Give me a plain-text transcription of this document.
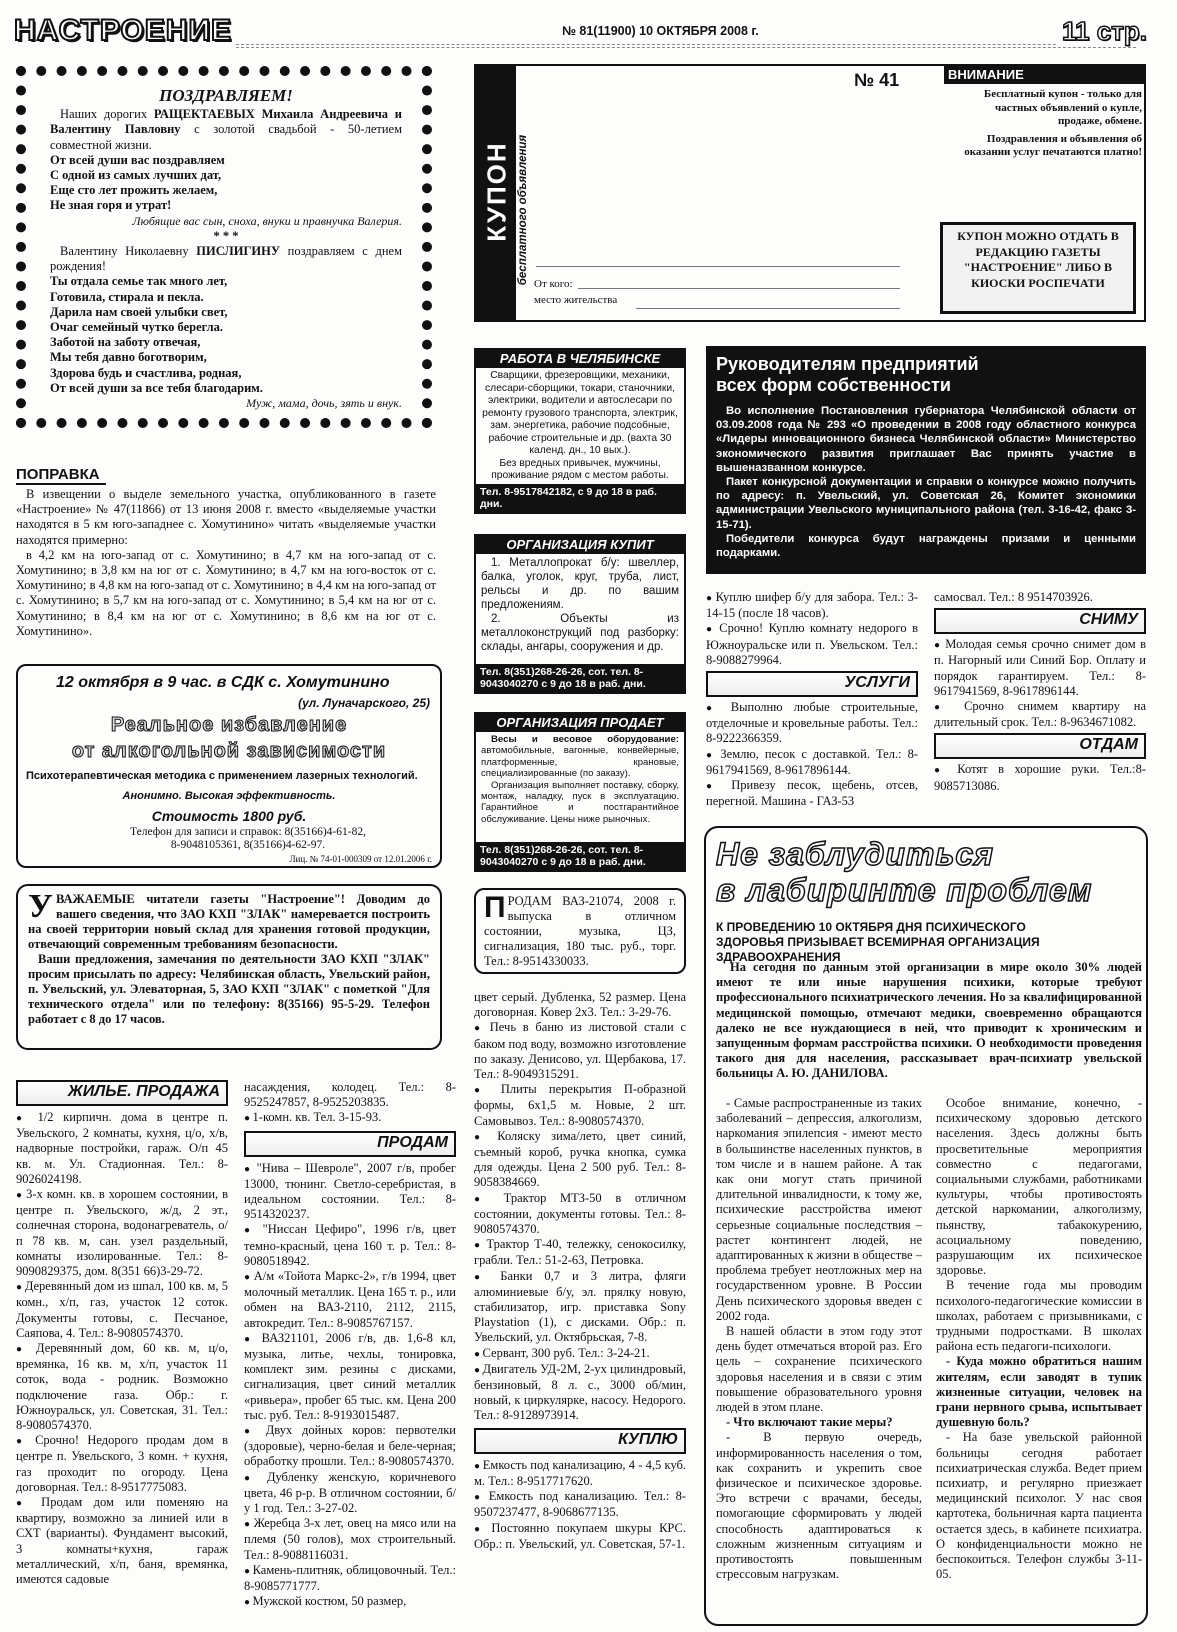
НАСТРОЕНИЕ	№ 81(11900) 10 ОКТЯБРЯ 2008 г.	11 стр.
ПОЗДРАВЛЯЕМ!

Наших дорогих РАЩЕКТАЕВЫХ Михаила Андреевича и Валентину Павловну с золотой свадьбой - 50-летием совместной жизни.

От всей души вас поздравляем
С одной из самых лучших дат,
Еще сто лет прожить желаем,
Не зная горя и утрат!
Любящие вас сын, сноха, внуки и правнучка Валерия.
* * *

Валентину Николаевну ПИСЛИГИНУ поздравляем с днем рождения!

Ты отдала семье так много лет,
Готовила, стирала и пекла.
Дарила нам своей улыбки свет,
Очаг семейный чутко берегла.
Заботой на заботу отвечая,
Мы тебя давно боготворим,
Здорова будь и счастлива, родная,
От всей души за все тебя благодарим.
Муж, мама, дочь, зять и внук.
ПОПРАВКА

В извещении о выделе земельного участка, опубликованного в газете «Настроение» № 47(11866) от 13 июня 2008 г. вместо «выделяемые участки находятся в 5 км юго-западнее с. Хомутинино» читать «выделяемые участки находятся примерно:

в 4,2 км на юго-запад от с. Хомутинино; в 4,7 км на юго-запад от с. Хомутинино; в 3,8 км на юг от с. Хомутинино; в 4,7 км на юго-восток от с. Хомутинино; в 4,8 км на юго-запад от с. Хомутинино; в 4,4 км на юго-запад от с. Хомутинино; в 5,7 км на юго-запад от с. Хомутинино; в 5,4 км на юг от с. Хомутинино; в 8,4 км на юг от с. Хомутинино; в 8,6 км на юг от с. Хомутинино».

12 октября в 9 час. в СДК с. Хомутинино
(ул. Луначарского, 25)
Реальное избавление
от алкогольной зависимости
Психотерапевтическая методика с применением лазерных технологий.
Анонимно. Высокая эффективность.
Стоимость 1800 руб.
Телефон для записи и справок: 8(35166)4-61-82, 8-9048105361, 8(35166)4-62-97.
Лиц. № 74-01-000309 от 12.01.2006 г.
У ВАЖАЕМЫЕ читатели газеты "Настроение"! Доводим до вашего сведения, что ЗАО КХП "ЗЛАК" намеревается построить на своей территории новый склад для хранения готовой продукции, отвечающий современным требованиям безопасности.

Ваши предложения, замечания по деятельности ЗАО КХП "ЗЛАК" просим присылать по адресу: Челябинская область, Увельский район, п. Увельский, ул. Элеваторная, 5, ЗАО КХП "ЗЛАК" с пометкой "Для технического отдела" или по телефону: 8(35166) 95-5-29. Телефон работает с 8 до 17 часов.

КУПОН бесплатного объявления
№ 41
От кого:
место жительства
ВНИМАНИЕ

Бесплатный купон - только для частных объявлений о купле, продаже, обмене.

Поздравления и объявления об оказании услуг печатаются платно!

КУПОН МОЖНО ОТДАТЬ В РЕДАКЦИЮ ГАЗЕТЫ "НАСТРОЕНИЕ" ЛИБО В КИОСКИ РОСПЕЧАТИ
РАБОТА В ЧЕЛЯБИНСКЕ
Сварщики, фрезеровщики, механики, слесари-сборщики, токари, станочники, электрики, водители и автослесари по ремонту грузового транспорта, электрик, зам. энергетика, рабочие подсобные, рабочие строительные и др. (вахта 30 календ. дн., 10 вых.).
Без вредных привычек, мужчины, проживание рядом с местом работы.
Тел. 8-9517842182, с 9 до 18 в раб. дни.
ОРГАНИЗАЦИЯ КУПИТ

1. Металлопрокат б/у: швеллер, балка, уголок, круг, труба, лист, рельсы и др. по вашим предложениям.

2. Объекты из металлоконструкций под разборку: склады, ангары, сооружения и др.

Тел. 8(351)268-26-26, сот. тел. 8-9043040270 с 9 до 18 в раб. дни.
ОРГАНИЗАЦИЯ ПРОДАЕТ

Весы и весовое оборудование: автомобильные, вагонные, конвейерные, платформенные, крановые, специализированные (по заказу).

Организация выполняет поставку, сборку, монтаж, наладку, пуск в эксплуатацию. Гарантийное и постгарантийное обслуживание. Цены ниже рыночных.

Тел. 8(351)268-26-26, сот. тел. 8-9043040270 с 9 до 18 в раб. дни.
П РОДАМ ВАЗ-21074, 2008 г. выпуска в отличном состоянии, музыка, ЦЗ, сигнализация, 180 тыс. руб., торг. Тел.: 8-9514330033.
Руководителям предприятий всех форм собственности

Во исполнение Постановления губернатора Челябинской области от 03.09.2008 года № 293 «О проведении в 2008 году областного конкурса «Лидеры инновационного бизнеса Челябинской области» Министерство экономического развития приглашает Вас принять участие в вышеназванном конкурсе.

Пакет конкурсной документации и справки о конкурсе можно получить по адресу: п. Увельский, ул. Советская 26, Комитет экономики администрации Увельского муниципального района (тел. 3-16-42, факс 3-15-71).

Победители конкурса будут награждены призами и ценными подарками.

● Куплю шифер б/у для забора. Тел.: 3-14-15 (после 18 часов).

● Срочно! Куплю комнату недорого в Южноуральске или п. Увельском. Тел.: 8-9088279964.

УСЛУГИ

● Выполню любые строительные, отделочные и кровельные работы. Тел.: 8-9222366359.

● Землю, песок с доставкой. Тел.: 8-9617941569, 8-9617896144.

● Привезу песок, щебень, отсев, перегной. Машина - ГАЗ-53

самосвал. Тел.: 8 9514703926.
СНИМУ

● Молодая семья срочно снимет дом в п. Нагорный или Синий Бор. Оплату и порядок гарантируем. Тел.: 8-9617941569, 8-9617896144.

● Срочно снимем квартиру на длительный срок. Тел.: 8-9634671082.

ОТДАМ

● Котят в хорошие руки. Тел.:8-9085713086.

Не заблудиться
в лабиринте проблем
К ПРОВЕДЕНИЮ 10 ОКТЯБРЯ ДНЯ ПСИХИЧЕСКОГО ЗДОРОВЬЯ ПРИЗЫВАЕТ ВСЕМИРНАЯ ОРГАНИЗАЦИЯ ЗДРАВООХРАНЕНИЯ
На сегодня по данным этой организации в мире около 30% людей имеют те или иные нарушения психики, которые требуют профессионального психиатрического лечения. Но за квалифицированной медицинской помощью, отмечают медики, своевременно обращаются далеко не все нуждающиеся в ней, что приводит к хроническим и запущенным формам расстройства психики. О необходимости проведения такого дня для населения, рассказывает врач-психиатр увельской больницы А. Ю. ДАНИЛОВА.

- Самые распространенные из таких заболеваний – депрессия, алкоголизм, наркомания эпилепсия - имеют место в большинстве населенных пунктов, в том числе и в нашем районе. А так как они могут стать причиной длительной инвалидности, к тому же, психические расстройства имеют серьезные социальные последствия – растет контингент людей, не адаптированных к жизни в обществе – проблема требует неотложных мер на государственном уровне. В России День психического здоровья введен с 2002 года.

В нашей области в этом году этот день будет отмечаться второй раз. Его цель – сохранение психического здоровья населения и в связи с этим повышение образовательного уровня людей в этом плане.

- Что включают такие меры?

- В первую очередь, информированность населения о том, как сохранить и укрепить свое физическое и психическое здоровье. Это встречи с врачами, беседы, помогающие сформировать у людей способность адаптироваться к сложным жизненным ситуациям и противостоять повышенным стрессовым нагрузкам.

Особое внимание, конечно, - психическому здоровью детского населения. Здесь должны быть просветительные мероприятия совместно с педагогами, социальными службами, работниками культуры, чтобы противостоять детской наркомании, алкоголизму, пьянству, табакокурению, асоциальному поведению, разрушающим их психическое здоровье.

В течение года мы проводим психолого-педагогические комиссии в школах, работаем с призывниками, с трудными подростками. В школах района есть педагоги-психологи.

- Куда можно обратиться нашим жителям, если заводят в тупик жизненные ситуации, человек на грани нервного срыва, испытывает душевную боль?

- На базе увельской районной больницы сегодня работает психиатрическая служба. Ведет прием психиатр, и регулярно приезжает медицинский психолог. У нас своя картотека, больничная карта пациента остается здесь, в кабинете психиатра. О конфиденциальности можно не беспокоиться. Телефон службы 3-11-05.

ЖИЛЬЕ. ПРОДАЖА

● 1/2 кирпичн. дома в центре п. Увельского, 2 комнаты, кухня, ц/о, х/в, надворные постройки, гараж. О/п 45 кв. м. Ул. Стадионная. Тел.: 8-9026024198.

● 3-х комн. кв. в хорошем состоянии, в центре п. Увельского, ж/д, 2 эт., солнечная сторона, водонагреватель, о/п 78 кв. м, сан. узел раздельный, комнаты изолированные. Тел.: 8-9090829375, дом. 8(351 66)3-29-72.

● Деревянный дом из шпал, 100 кв. м, 5 комн., х/п, газ, участок 12 соток. Документы готовы, с. Песчаное, Саяпова, 4. Тел.: 8-9080574370.

● Деревянный дом, 60 кв. м, ц/о, времянка, 16 кв. м, х/п, участок 11 соток, вода - родник. Возможно подключение газа. Обр.: г. Южноуральск, ул. Советская, 31. Тел.: 8-9080574370.

● Срочно! Недорого продам дом в центре п. Увельского, 3 комн. + кухня, газ проходит по огороду. Цена договорная. Тел.: 8-9517775083.

● Продам дом или поменяю на квартиру, возможно за линией или в СХТ (варианты). Фундамент высокий, 3 комнаты+кухня, гараж металлический, х/п, баня, времянка, имеются садовые

насаждения, колодец. Тел.: 8-9525247857, 8-9525203835.

● 1-комн. кв. Тел. 3-15-93.

ПРОДАМ

● "Нива – Шевроле", 2007 г/в, пробег 13000, тюнинг. Светло-серебристая, в идеальном состоянии. Тел.: 8-9514320237.

● "Ниссан Цефиро", 1996 г/в, цвет темно-красный, цена 160 т. р. Тел.: 8-9080518942.

● А/м «Тойота Маркс-2», г/в 1994, цвет молочный металлик. Цена 165 т. р., или обмен на ВАЗ-2110, 2112, 2115, автокредит. Тел.: 8-9085767157.

● ВАЗ21101, 2006 г/в, дв. 1,6-8 кл, музыка, литье, чехлы, тонировка, комплект зим. резины с дисками, сигнализация, цвет синий металлик «ривьера», пробег 65 тыс. км. Цена 200 тыс. руб. Тел.: 8-9193015487.

● Двух дойных коров: первотелки (здоровые), черно-белая и беле-черная; обработку прошли. Тел.: 8-9080574370.

● Дубленку женскую, коричневого цвета, 46 р-р. В отличном состоянии, б/у 1 год. Тел.: 3-27-02.

● Жеребца 3-х лет, овец на мясо или на племя (50 голов), мох строительный. Тел.: 8-9088116031.

● Камень-плитняк, облицовочный. Тел.: 8-9085771777.

● Мужской костюм, 50 размер,

цвет серый. Дубленка, 52 размер. Цена договорная. Ковер 2х3. Тел.: 3-29-76.

● Печь в баню из листовой стали с баком под воду, возможно изготовление по заказу. Денисово, ул. Щербакова, 17. Тел.: 8-9049315291.

● Плиты перекрытия П-образной формы, 6х1,5 м. Новые, 2 шт. Самовывоз. Тел.: 8-9080574370.

● Коляску зима/лето, цвет синий, съемный короб, ручка кнопка, сумка для одежды. Цена 2 500 руб. Тел.: 8-9058384669.

● Трактор МТЗ-50 в отличном состоянии, документы готовы. Тел.: 8-9080574370.

● Трактор Т-40, тележку, сенокосилку, грабли. Тел.: 51-2-63, Петровка.

● Банки 0,7 и 3 литра, фляги алюминиевые б/у, эл. прялку новую, стабилизатор, игр. приставка Sony Playstation (1), с дисками. Обр.: п. Увельский, ул. Октябрьская, 7-8.

● Сервант, 300 руб. Тел.: 3-24-21.

● Двигатель УД-2М, 2-ух цилиндровый, бензиновый, 8 л. с., 3000 об/мин, новый, к циркулярке, насосу. Недорого. Тел.: 8-9128973914.

КУПЛЮ

● Емкость под канализацию, 4 - 4,5 куб. м. Тел.: 8-9517717620.

● Емкость под канализацию. Тел.: 8-9507237477, 8-9068677135.

● Постоянно покупаем шкуры КРС. Обр.: п. Увельский, ул. Советская, 57-1.
